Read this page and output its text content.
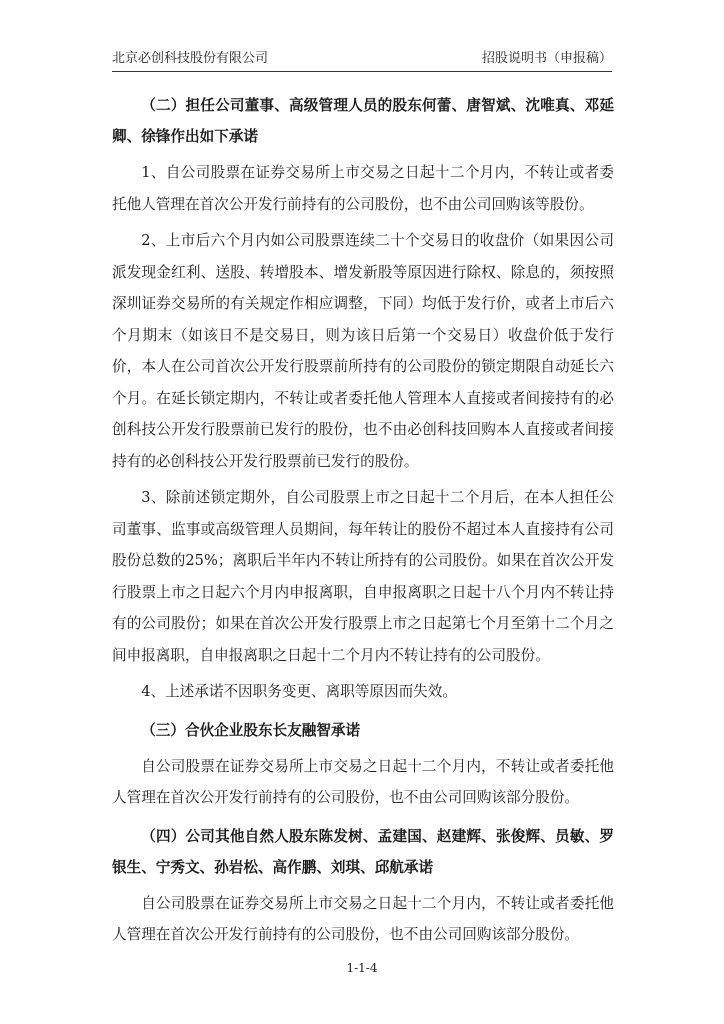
北京必创科技股份有限公司	招股说明书（申报稿）

（二）担任公司董事、高级管理人员的股东何蕾、唐智斌、沈唯真、邓延卿、徐锋作出如下承诺

1、自公司股票在证券交易所上市交易之日起十二个月内，不转让或者委托他人管理在首次公开发行前持有的公司股份，也不由公司回购该等股份。

2、上市后六个月内如公司股票连续二十个交易日的收盘价（如果因公司派发现金红利、送股、转增股本、增发新股等原因进行除权、除息的，须按照深圳证券交易所的有关规定作相应调整，下同）均低于发行价，或者上市后六个月期末（如该日不是交易日，则为该日后第一个交易日）收盘价低于发行价，本人在公司首次公开发行股票前所持有的公司股份的锁定期限自动延长六个月。在延长锁定期内，不转让或者委托他人管理本人直接或者间接持有的必创科技公开发行股票前已发行的股份，也不由必创科技回购本人直接或者间接持有的必创科技公开发行股票前已发行的股份。

3、除前述锁定期外，自公司股票上市之日起十二个月后，在本人担任公司董事、监事或高级管理人员期间，每年转让的股份不超过本人直接持有公司股份总数的25%；离职后半年内不转让所持有的公司股份。如果在首次公开发行股票上市之日起六个月内申报离职，自申报离职之日起十八个月内不转让持有的公司股份；如果在首次公开发行股票上市之日起第七个月至第十二个月之间申报离职，自申报离职之日起十二个月内不转让持有的公司股份。

4、上述承诺不因职务变更、离职等原因而失效。

（三）合伙企业股东长友融智承诺

自公司股票在证券交易所上市交易之日起十二个月内，不转让或者委托他人管理在首次公开发行前持有的公司股份，也不由公司回购该部分股份。

（四）公司其他自然人股东陈发树、孟建国、赵建辉、张俊辉、员敏、罗银生、宁秀文、孙岩松、高作鹏、刘琪、邱航承诺

自公司股票在证券交易所上市交易之日起十二个月内，不转让或者委托他人管理在首次公开发行前持有的公司股份，也不由公司回购该部分股份。

1-1-4
